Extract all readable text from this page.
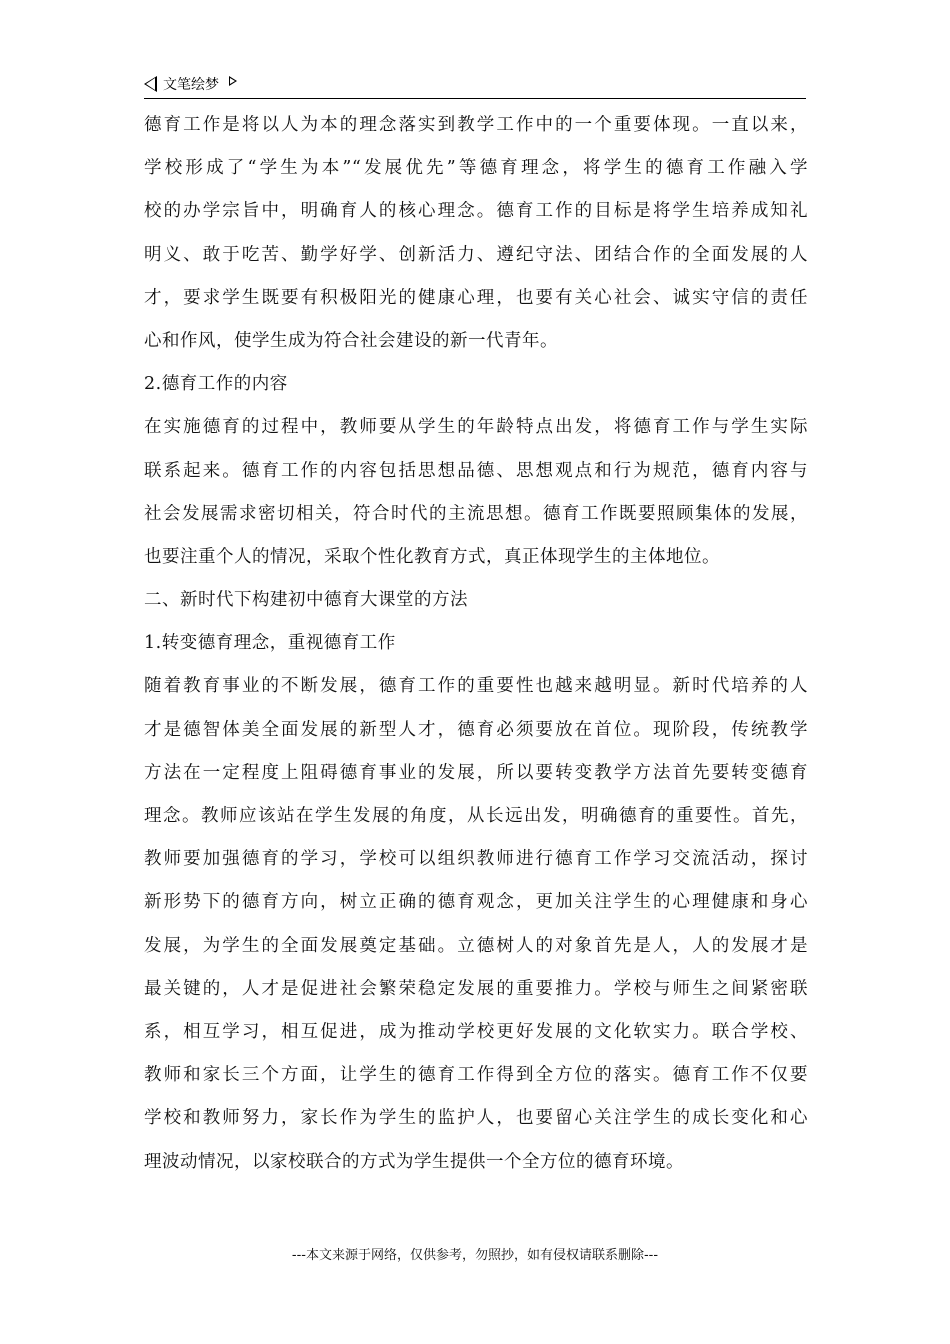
文笔绘梦
德育工作是将以人为本的理念落实到教学工作中的一个重要体现。一直以来，
学校形成了“学生为本”“发展优先”等德育理念，将学生的德育工作融入学
校的办学宗旨中，明确育人的核心理念。德育工作的目标是将学生培养成知礼
明义、敢于吃苦、勤学好学、创新活力、遵纪守法、团结合作的全面发展的人
才，要求学生既要有积极阳光的健康心理，也要有关心社会、诚实守信的责任
心和作风，使学生成为符合社会建设的新一代青年。
2.德育工作的内容
在实施德育的过程中，教师要从学生的年龄特点出发，将德育工作与学生实际
联系起来。德育工作的内容包括思想品德、思想观点和行为规范，德育内容与
社会发展需求密切相关，符合时代的主流思想。德育工作既要照顾集体的发展，
也要注重个人的情况，采取个性化教育方式，真正体现学生的主体地位。
二、新时代下构建初中德育大课堂的方法
1.转变德育理念，重视德育工作
随着教育事业的不断发展，德育工作的重要性也越来越明显。新时代培养的人
才是德智体美全面发展的新型人才，德育必须要放在首位。现阶段，传统教学
方法在一定程度上阻碍德育事业的发展，所以要转变教学方法首先要转变德育
理念。教师应该站在学生发展的角度，从长远出发，明确德育的重要性。首先，
教师要加强德育的学习，学校可以组织教师进行德育工作学习交流活动，探讨
新形势下的德育方向，树立正确的德育观念，更加关注学生的心理健康和身心
发展，为学生的全面发展奠定基础。立德树人的对象首先是人，人的发展才是
最关键的，人才是促进社会繁荣稳定发展的重要推力。学校与师生之间紧密联
系，相互学习，相互促进，成为推动学校更好发展的文化软实力。联合学校、
教师和家长三个方面，让学生的德育工作得到全方位的落实。德育工作不仅要
学校和教师努力，家长作为学生的监护人，也要留心关注学生的成长变化和心
理波动情况，以家校联合的方式为学生提供一个全方位的德育环境。
---本文来源于网络，仅供参考，勿照抄，如有侵权请联系删除---
